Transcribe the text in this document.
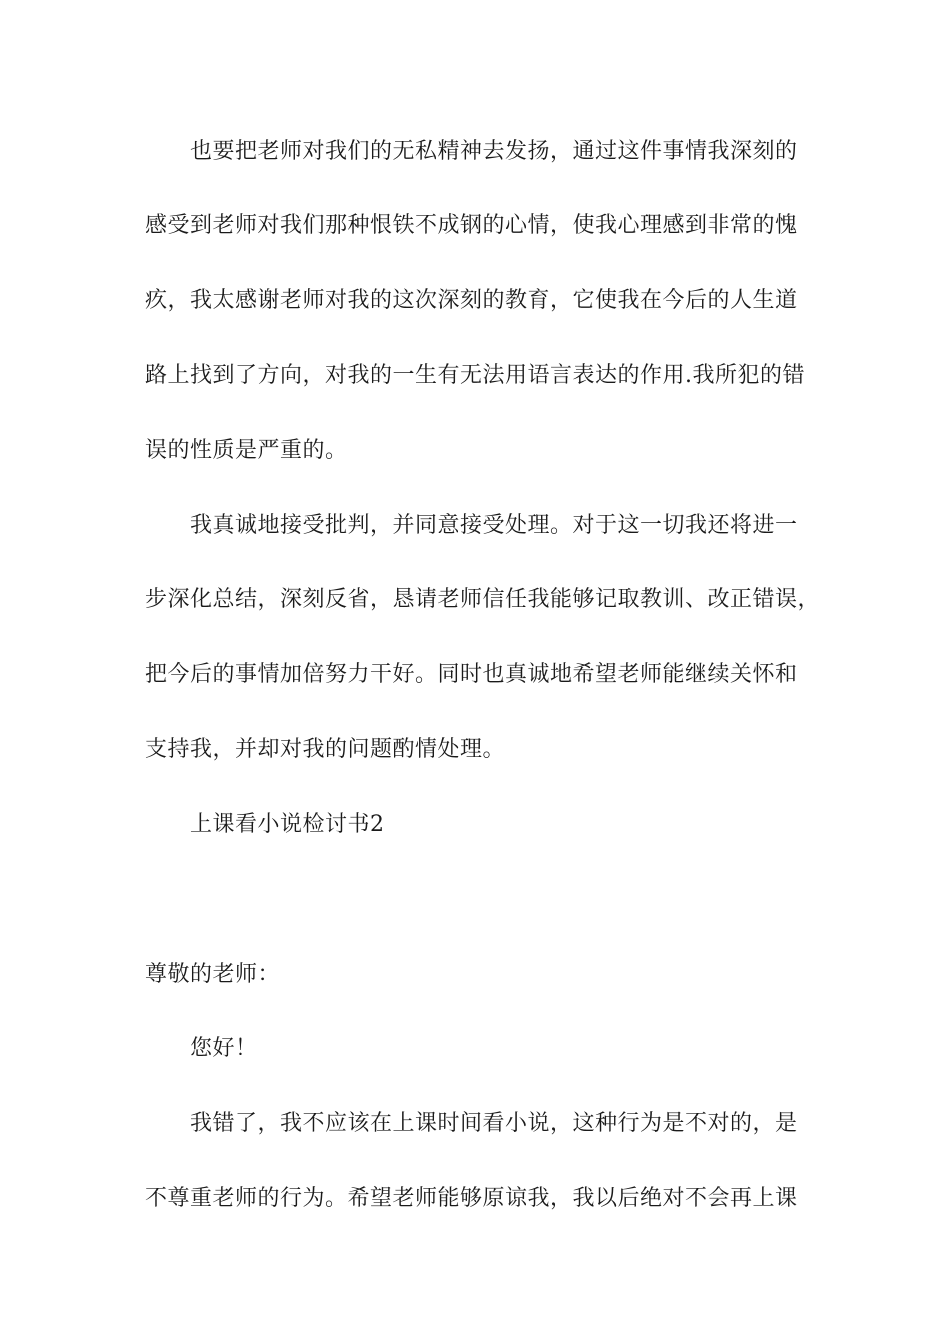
也要把老师对我们的无私精神去发扬，通过这件事情我深刻的
感受到老师对我们那种恨铁不成钢的心情，使我心理感到非常的愧
疚，我太感谢老师对我的这次深刻的教育，它使我在今后的人生道
路上找到了方向，对我的一生有无法用语言表达的作用.我所犯的错
误的性质是严重的。
我真诚地接受批判，并同意接受处理。对于这一切我还将进一
步深化总结，深刻反省，恳请老师信任我能够记取教训、改正错误，
把今后的事情加倍努力干好。同时也真诚地希望老师能继续关怀和
支持我，并却对我的问题酌情处理。
上课看小说检讨书2
尊敬的老师：
您好！
我错了，我不应该在上课时间看小说，这种行为是不对的，是
不尊重老师的行为。希望老师能够原谅我，我以后绝对不会再上课
